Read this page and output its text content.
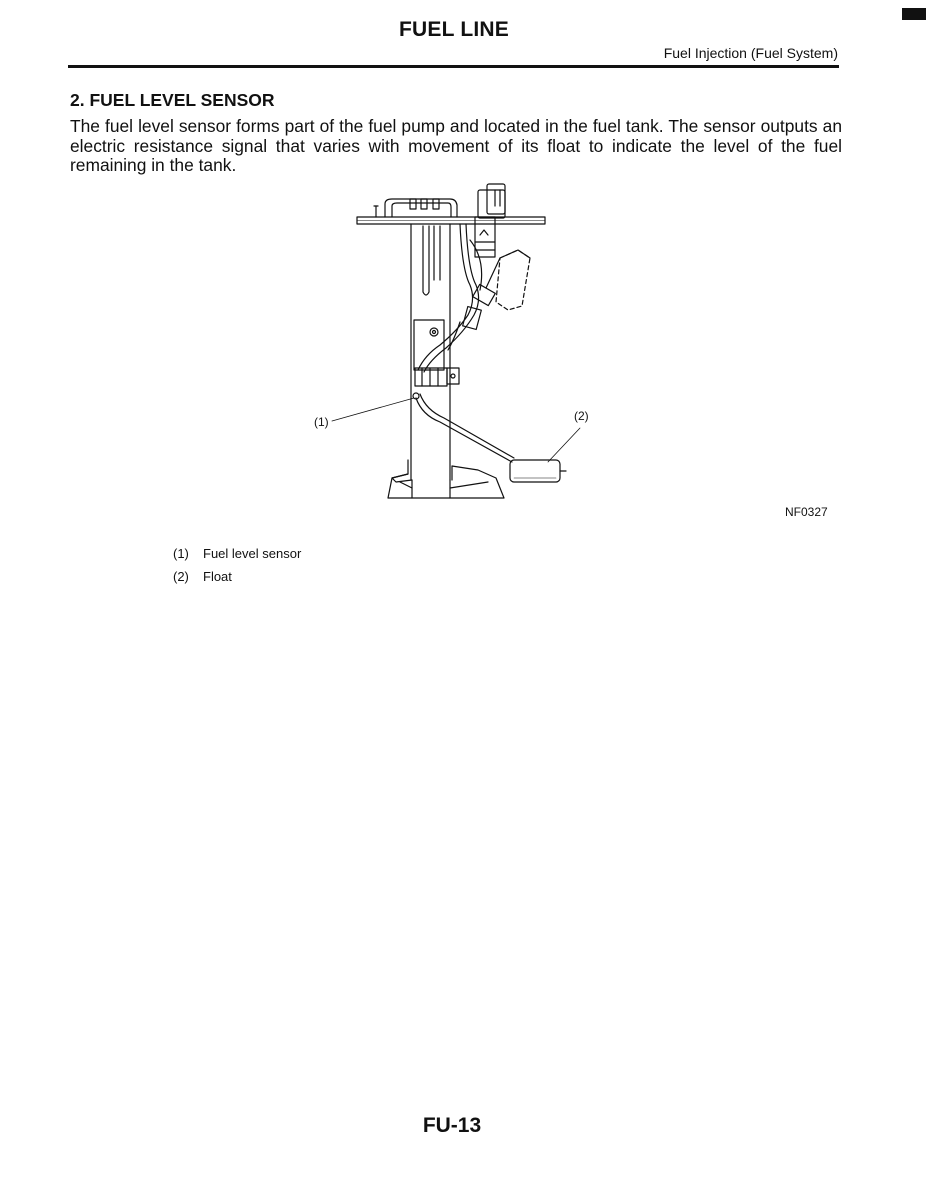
FUEL LINE
Fuel Injection (Fuel System)
2. FUEL LEVEL SENSOR
The fuel level sensor forms part of the fuel pump and located in the fuel tank. The sensor outputs an electric resistance signal that varies with movement of its float to indicate the level of the fuel remaining in the tank.
(1)	(2)
NF0327
(1)	Fuel level sensor
(2)	Float
FU-13
